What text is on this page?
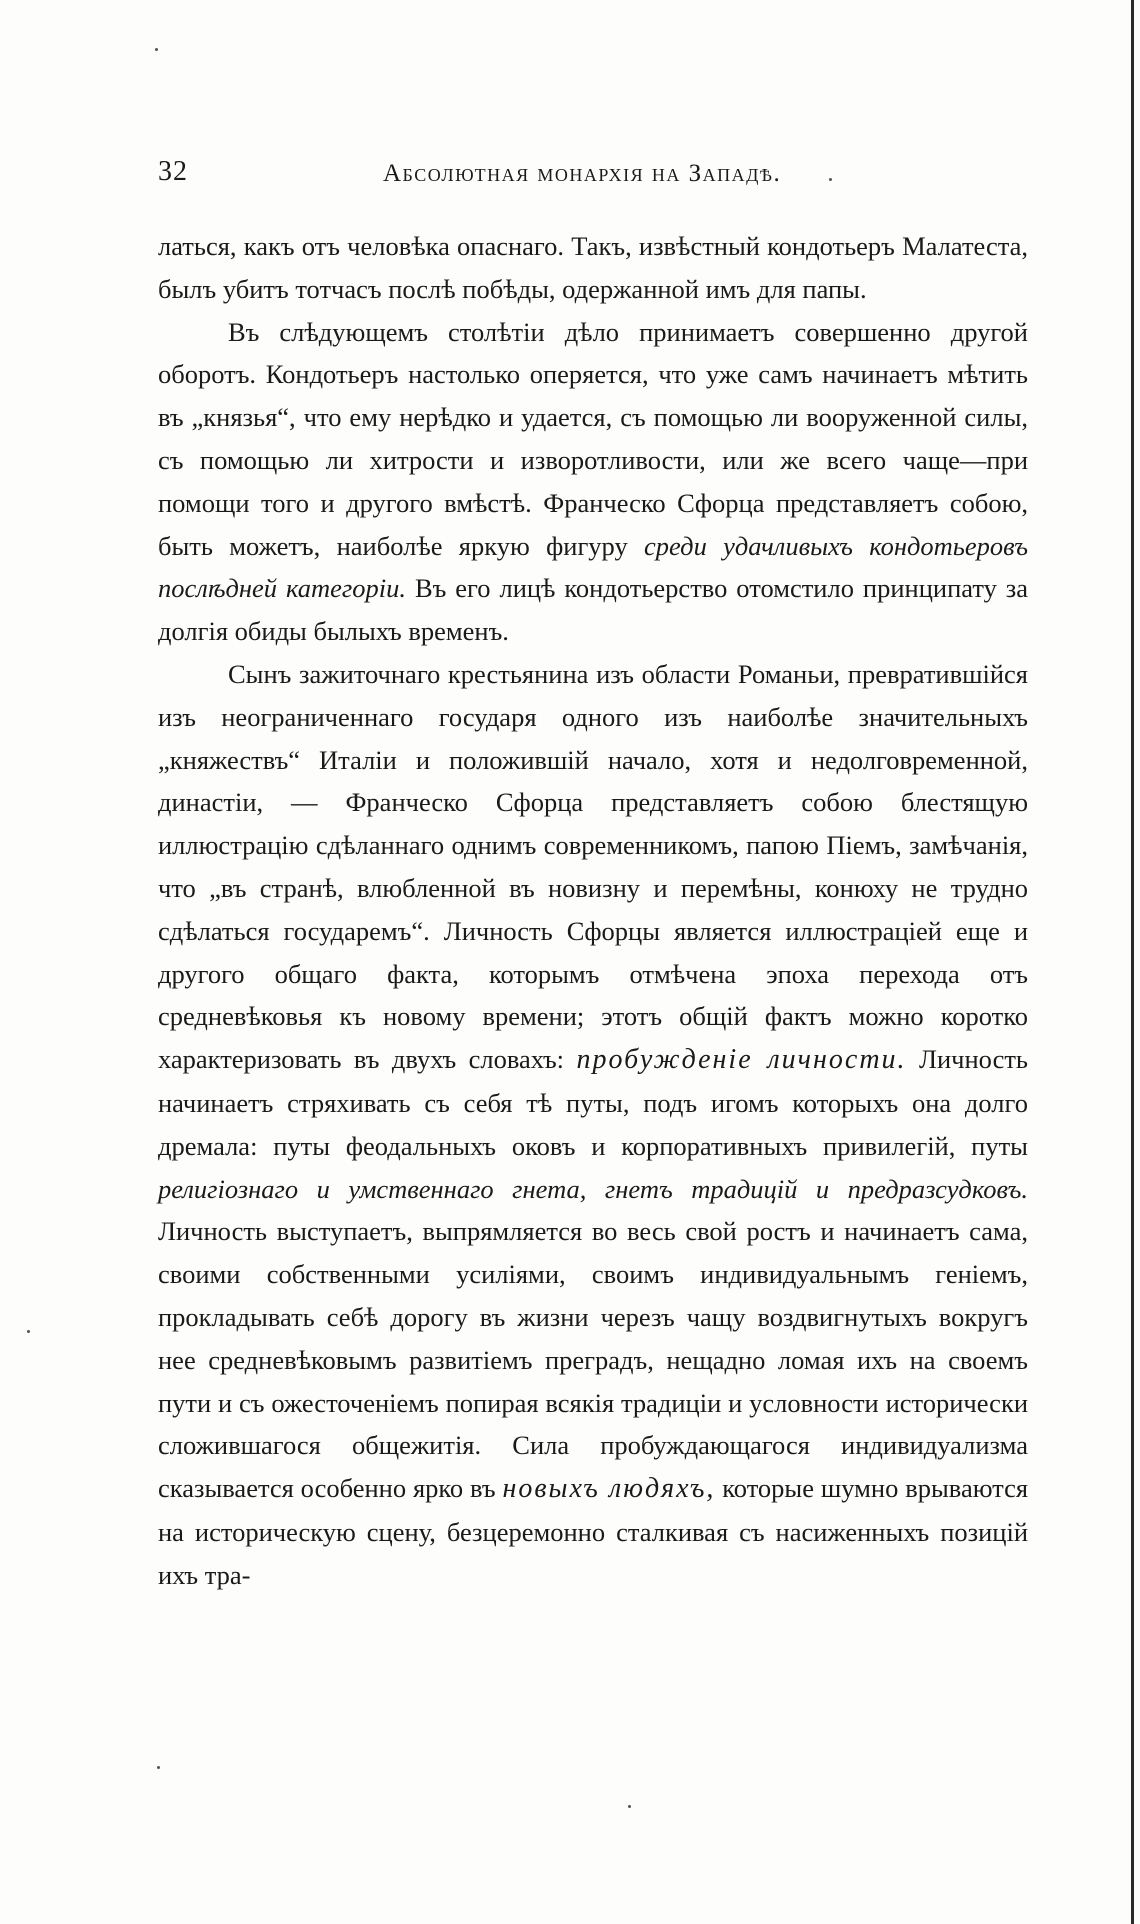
32	Абсолютная монархія на Западѣ.

латься, какъ отъ человѣка опаснаго. Такъ, извѣстный кондотьеръ Малатеста, былъ убитъ тотчасъ послѣ побѣды, одержанной имъ для папы.

Въ слѣдующемъ столѣтіи дѣло принимаетъ совершенно другой оборотъ. Кондотьеръ настолько оперяется, что уже самъ начинаетъ мѣтить въ „князья“, что ему нерѣдко и удается, съ помощью ли вооруженной силы, съ помощью ли хитрости и изворотливости, или же всего чаще—при помощи того и другого вмѣстѣ. Франческо Сфорца представляетъ собою, быть можетъ, наиболѣе яркую фигуру среди удачливыхъ кондотьеровъ послѣдней категоріи. Въ его лицѣ кондотьерство отомстило принципату за долгія обиды былыхъ временъ.

Сынъ зажиточнаго крестьянина изъ области Романьи, превратившійся изъ неограниченнаго государя одного изъ наиболѣе значительныхъ „княжествъ“ Италіи и положившій начало, хотя и недолговременной, династіи, — Франческо Сфорца представляетъ собою блестящую иллюстрацію сдѣланнаго однимъ современникомъ, папою Піемъ, замѣчанія, что „въ странѣ, влюбленной въ новизну и перемѣны, конюху не трудно сдѣлаться государемъ“. Личность Сфорцы является иллюстраціей еще и другого общаго факта, которымъ отмѣчена эпоха перехода отъ средневѣковья къ новому времени; этотъ общій фактъ можно коротко характеризовать въ двухъ словахъ: пробужденіе личности. Личность начинаетъ стряхивать съ себя тѣ путы, подъ игомъ которыхъ она долго дремала: путы феодальныхъ оковъ и корпоративныхъ привилегій, путы религіознаго и умственнаго гнета, гнетъ традицій и предразсудковъ. Личность выступаетъ, выпрямляется во весь свой ростъ и начинаетъ сама, своими собственными усиліями, своимъ индивидуальнымъ геніемъ, прокладывать себѣ дорогу въ жизни черезъ чащу воздвигнутыхъ вокругъ нее средневѣковымъ развитіемъ преградъ, нещадно ломая ихъ на своемъ пути и съ ожесточеніемъ попирая всякія традиціи и условности исторически сложившагося общежитія. Сила пробуждающагося индивидуализма сказывается особенно ярко въ новыхъ людяхъ, которые шумно врываются на историческую сцену, безцеремонно сталкивая съ насиженныхъ позицій ихъ тра-
